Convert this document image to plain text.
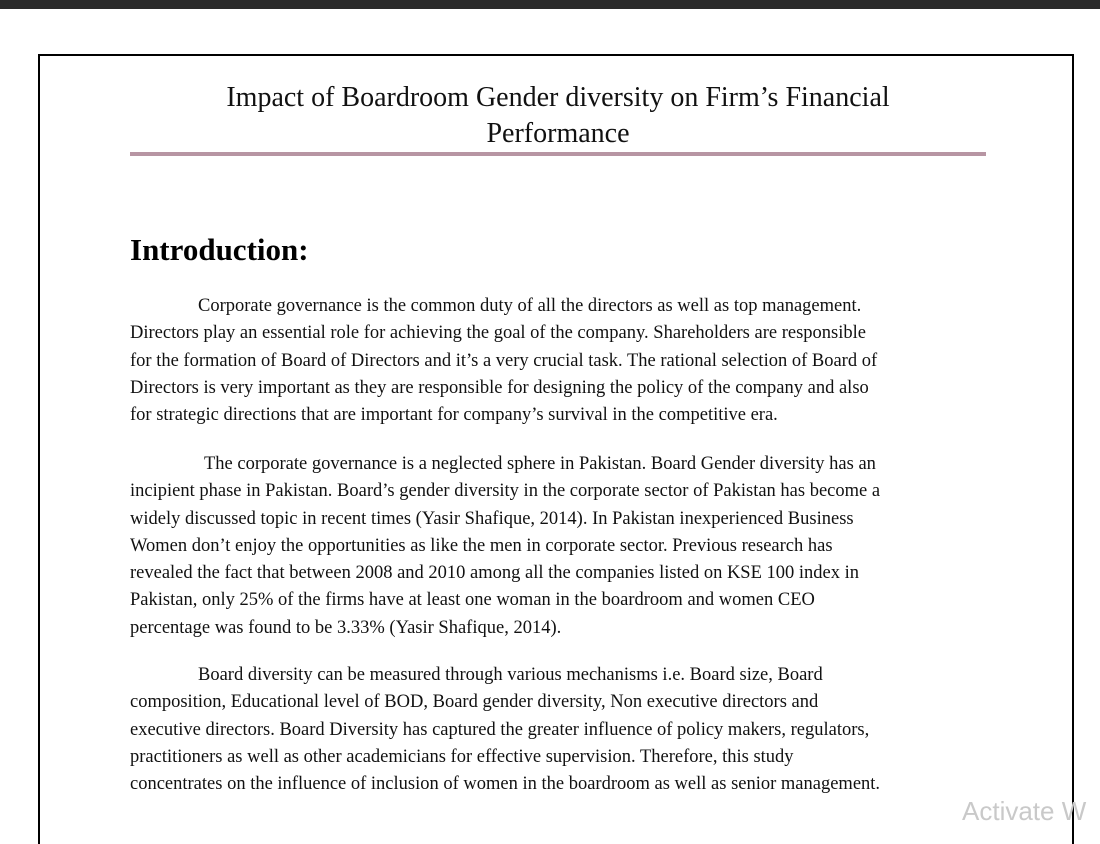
Impact of Boardroom Gender diversity on Firm’s Financial
Performance
Introduction:

Corporate governance is the common duty of all the directors as well as top management.
Directors play an essential role for achieving the goal of the company. Shareholders are responsible
for the formation of Board of Directors and it’s a very crucial task. The rational selection of Board of
Directors is very important as they are responsible for designing the policy of the company and also
for strategic directions that are important for company’s survival in the competitive era.

The corporate governance is a neglected sphere in Pakistan. Board Gender diversity has an
incipient phase in Pakistan. Board’s gender diversity in the corporate sector of Pakistan has become a
widely discussed topic in recent times (Yasir Shafique, 2014). In Pakistan inexperienced Business
Women don’t enjoy the opportunities as like the men in corporate sector. Previous research has
revealed the fact that between 2008 and 2010 among all the companies listed on KSE 100 index in
Pakistan, only 25% of the firms have at least one woman in the boardroom and women CEO
percentage was found to be 3.33% (Yasir Shafique, 2014).

Board diversity can be measured through various mechanisms i.e. Board size, Board
composition, Educational level of BOD, Board gender diversity, Non executive directors and
executive directors. Board Diversity has captured the greater influence of policy makers, regulators,
practitioners as well as other academicians for effective supervision. Therefore, this study
concentrates on the influence of inclusion of women in the boardroom as well as senior management.

Activate W
